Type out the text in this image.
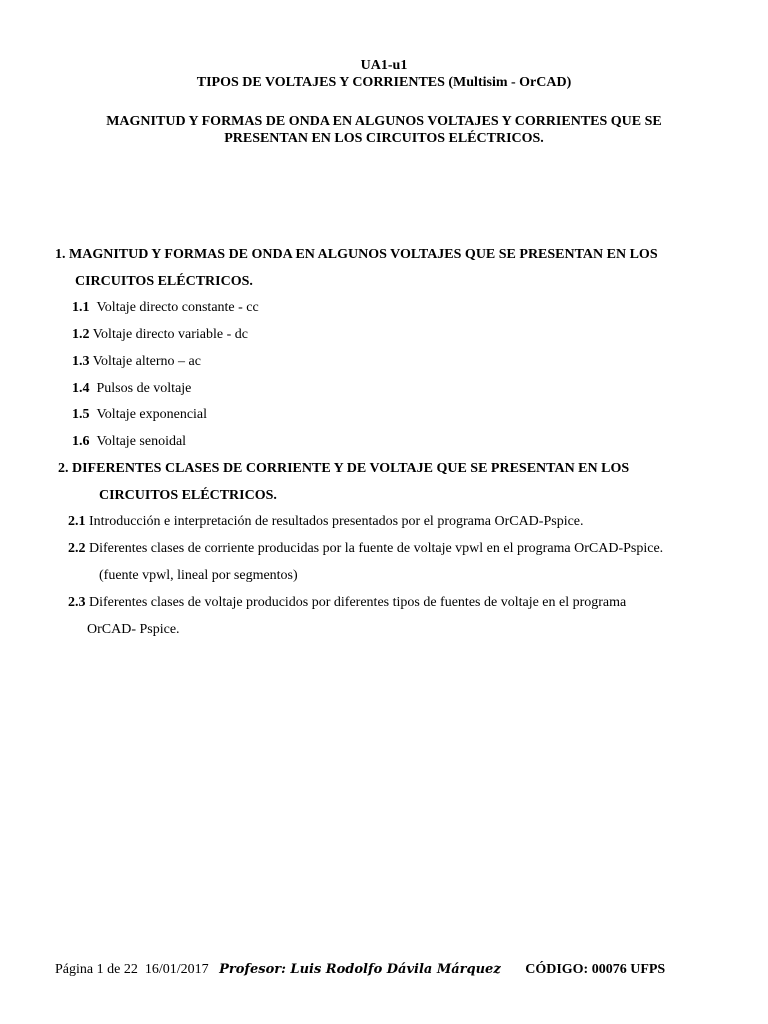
UA1-u1
TIPOS DE VOLTAJES Y CORRIENTES (Multisim - OrCAD)
MAGNITUD Y FORMAS DE ONDA EN ALGUNOS VOLTAJES Y CORRIENTES QUE SE
PRESENTAN EN LOS CIRCUITOS ELÉCTRICOS.
1. MAGNITUD Y FORMAS DE ONDA EN ALGUNOS VOLTAJES QUE SE PRESENTAN EN LOS
CIRCUITOS ELÉCTRICOS.
1.1 Voltaje directo constante - cc
1.2 Voltaje directo variable - dc
1.3 Voltaje alterno – ac
1.4 Pulsos de voltaje
1.5 Voltaje exponencial
1.6 Voltaje senoidal
2. DIFERENTES CLASES DE CORRIENTE Y DE VOLTAJE QUE SE PRESENTAN EN LOS
CIRCUITOS ELÉCTRICOS.
2.1 Introducción e interpretación de resultados presentados por el programa OrCAD-Pspice.
2.2 Diferentes clases de corriente producidas por la fuente de voltaje vpwl en el programa OrCAD-Pspice.
(fuente vpwl, lineal por segmentos)
2.3 Diferentes clases de voltaje producidos por diferentes tipos de fuentes de voltaje en el programa
OrCAD- Pspice.
Página 1 de 22 16/01/2017 Profesor: Luis Rodolfo Dávila Márquez CÓDIGO: 00076 UFPS
